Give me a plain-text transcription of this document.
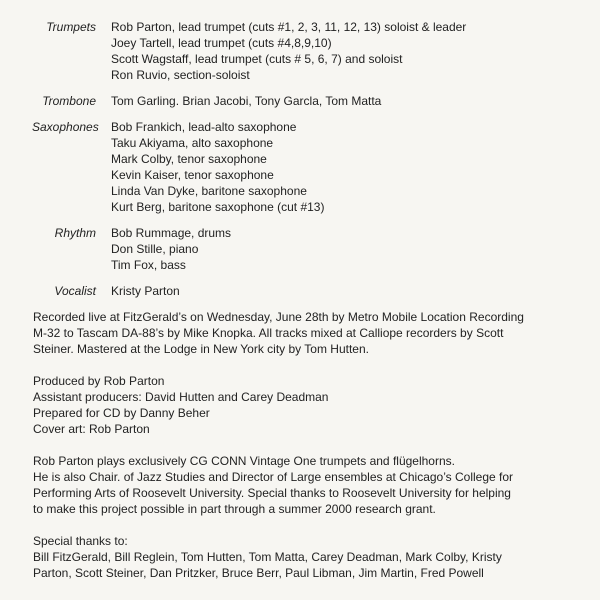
Trumpets	Rob Parton, lead trumpet (cuts #1, 2, 3, 11, 12, 13) soloist & leader
Joey Tartell, lead trumpet (cuts #4,8,9,10)
Scott Wagstaff, lead trumpet (cuts # 5, 6, 7) and soloist
Ron Ruvio, section-soloist
Trombone	Tom Garling. Brian Jacobi, Tony Garcla, Tom Matta
Saxophones	Bob Frankich, lead-alto saxophone
Taku Akiyama, alto saxophone
Mark Colby, tenor saxophone
Kevin Kaiser, tenor saxophone
Linda Van Dyke, baritone saxophone
Kurt Berg, baritone saxophone (cut #13)
Rhythm	Bob Rummage, drums
Don Stille, piano
Tim Fox, bass
Vocalist	Kristy Parton

Recorded live at FitzGerald’s on Wednesday, June 28th by Metro Mobile Location Recording
M-32 to Tascam DA-88’s by Mike Knopka. All tracks mixed at Calliope recorders by Scott
Steiner. Mastered at the Lodge in New York city by Tom Hutten.

Produced by Rob Parton
Assistant producers: David Hutten and Carey Deadman
Prepared for CD by Danny Beher
Cover art: Rob Parton

Rob Parton plays exclusively CG CONN Vintage One trumpets and flügelhorns.
He is also Chair. of Jazz Studies and Director of Large ensembles at Chicago’s College for
Performing Arts of Roosevelt University. Special thanks to Roosevelt University for helping
to make this project possible in part through a summer 2000 research grant.

Special thanks to:
Bill FitzGerald, Bill Reglein, Tom Hutten, Tom Matta, Carey Deadman, Mark Colby, Kristy
Parton, Scott Steiner, Dan Pritzker, Bruce Berr, Paul Libman, Jim Martin, Fred Powell
